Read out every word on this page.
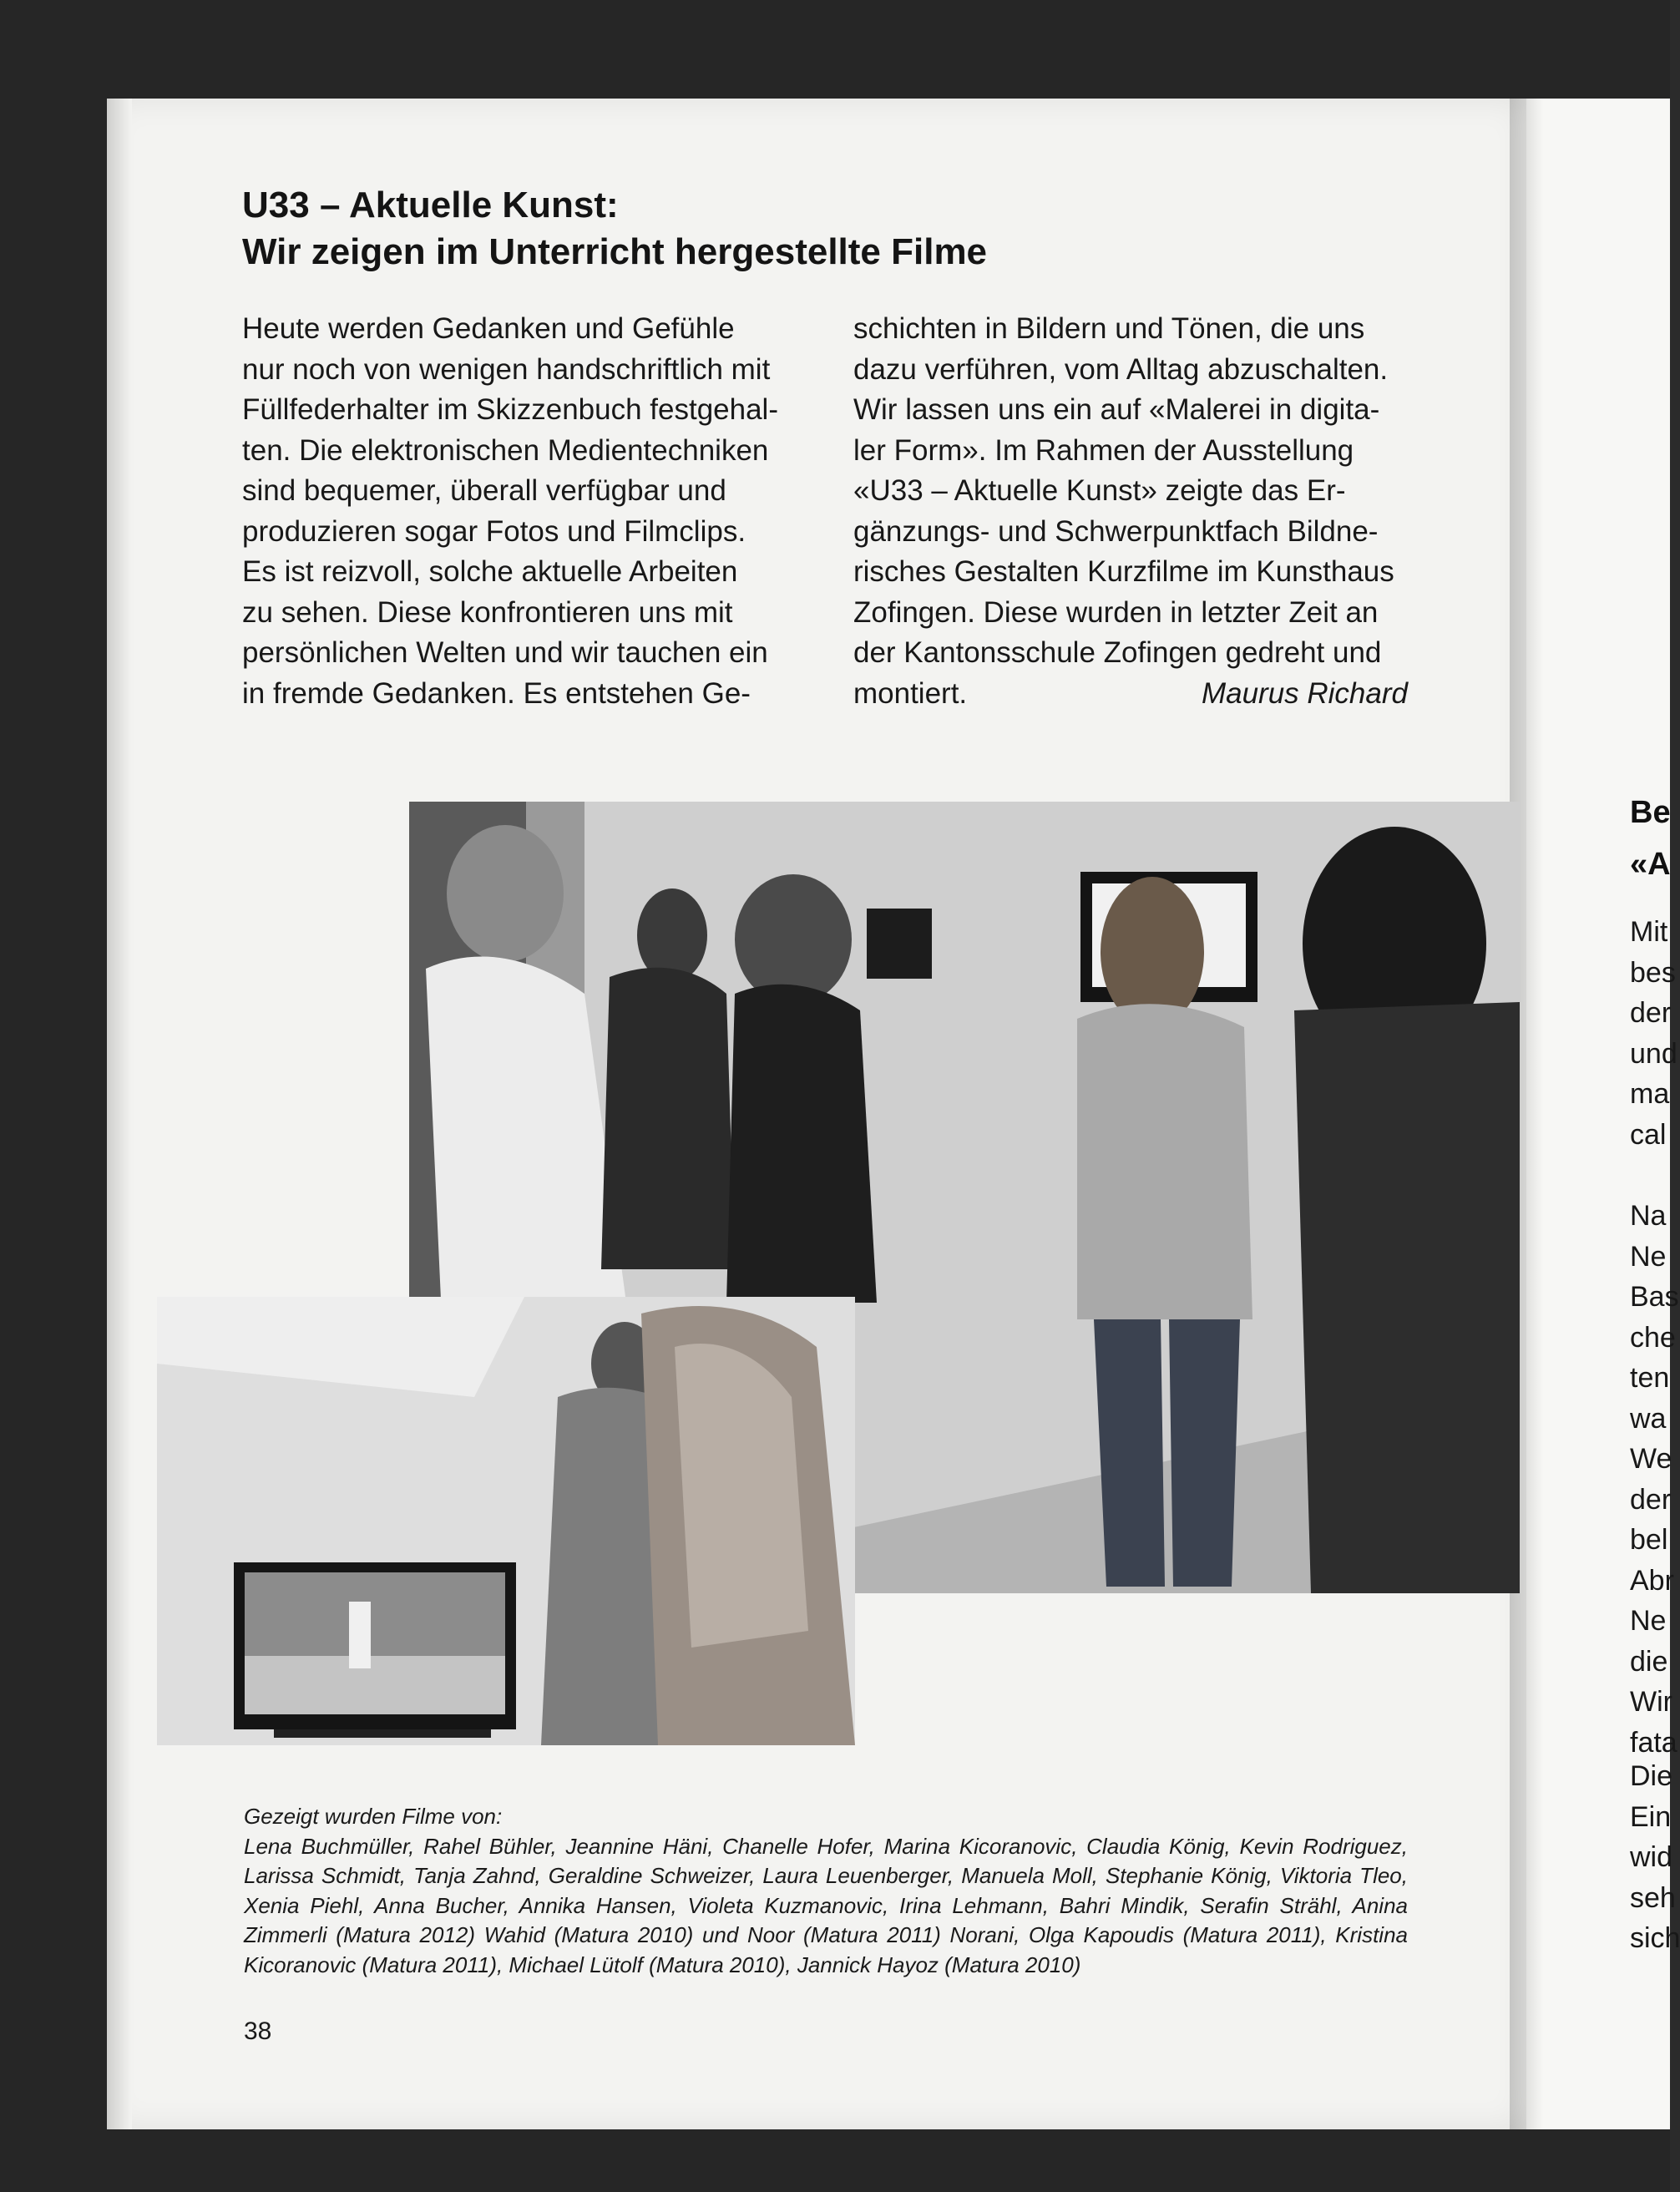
U33 – Aktuelle Kunst:
Wir zeigen im Unterricht hergestellte Filme
Heute werden Gedanken und Gefühle
nur noch von wenigen handschriftlich mit
Füllfederhalter im Skizzenbuch festgehal-
ten. Die elektronischen Medientechniken
sind bequemer, überall verfügbar und
produzieren sogar Fotos und Filmclips.
Es ist reizvoll, solche aktuelle Arbeiten
zu sehen. Diese konfrontieren uns mit
persönlichen Welten und wir tauchen ein
in fremde Gedanken. Es entstehen Ge-
schichten in Bildern und Tönen, die uns
dazu verführen, vom Alltag abzuschalten.
Wir lassen uns ein auf «Malerei in digita-
ler Form». Im Rahmen der Ausstellung
«U33 – Aktuelle Kunst» zeigte das Er-
gänzungs- und Schwerpunktfach Bildne-
risches Gestalten Kurzfilme im Kunsthaus
Zofingen. Diese wurden in letzter Zeit an
der Kantonsschule Zofingen gedreht und
montiert.	Maurus Richard
Gezeigt wurden Filme von:
Lena Buchmüller, Rahel Bühler, Jeannine Häni, Chanelle Hofer, Marina Kicoranovic, Claudia König, Kevin Rodriguez, Larissa Schmidt, Tanja Zahnd, Geraldine Schweizer, Laura Leuenberger, Manuela Moll, Stephanie König, Viktoria Tleo, Xenia Piehl, Anna Bucher, Annika Hansen, Violeta Kuzmanovic, Irina Lehmann, Bahri Mindik, Serafin Strähl, Anina Zimmerli (Matura 2012) Wahid (Matura 2010) und Noor (Matura 2011) Norani, Olga Kapoudis (Matura 2011), Kristina Kicoranovic (Matura 2011), Michael Lütolf (Matura 2010), Jannick Hayoz (Matura 2010)
38
Be
«A
Mit
bes
der
und
ma
cal
Na
Ne
Bas
che
ten
wa
We
der
bel
Abr
Ne
die
Wir
fata
Die
Ein
wid
seh
sich
